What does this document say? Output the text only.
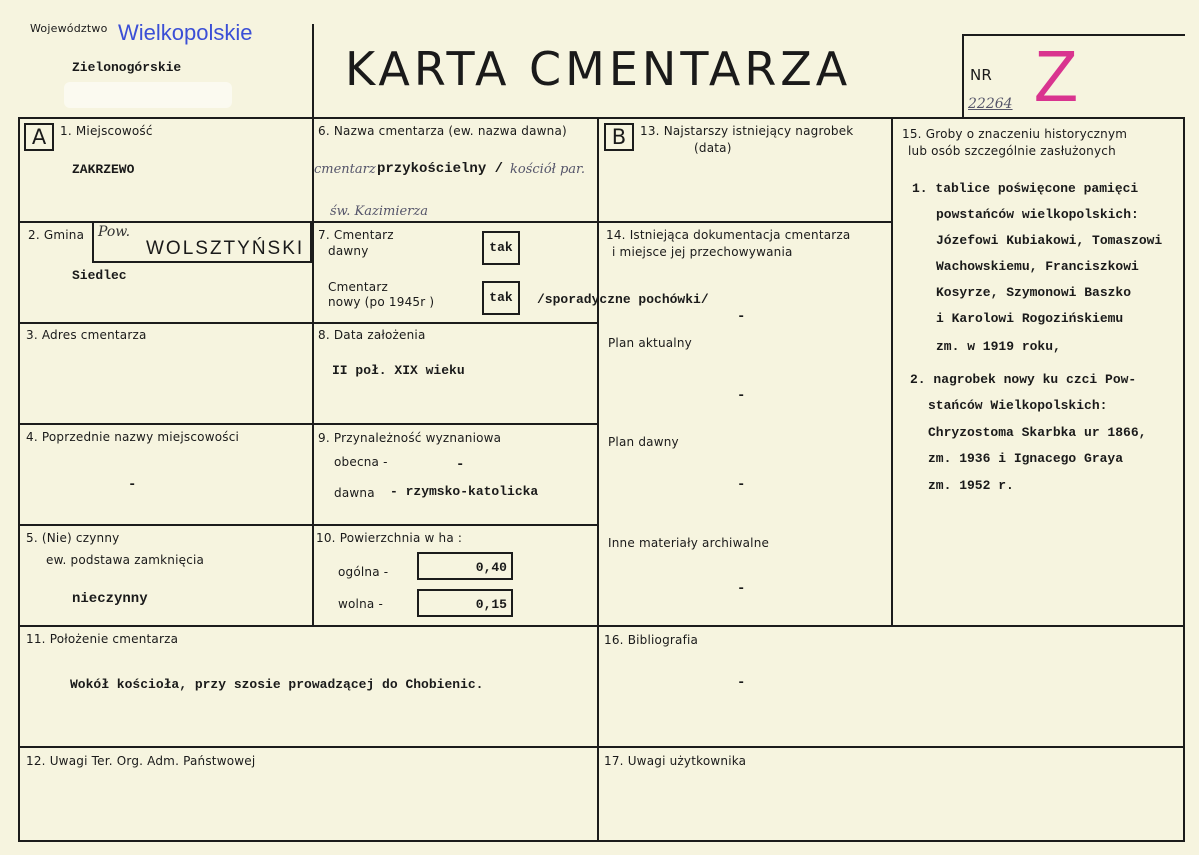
Województwo Wielkopolskie
Zielonogórskie	KARTA CMENTARZA	NR
22264 Z
A	B
1. Miejscowość
ZAKRZEWO
2. Gmina Pow.
WOLSZTYŃSKI
Siedlec
3. Adres cmentarza
4. Poprzednie nazwy miejscowości
-
5. (Nie) czynny
ew. podstawa zamknięcia
nieczynny
6. Nazwa cmentarza (ew. nazwa dawna)
cmentarz przykościelny / kościół par.
św. Kazimierza
7. Cmentarz
dawny	tak
Cmentarz
nowy (po 1945r )	tak	/sporadyczne pochówki/
8. Data założenia
II poł. XIX wieku
9. Przynależność wyznaniowa
obecna -	-
dawna - rzymsko-katolicka
10. Powierzchnia w ha :
ogólna -	0,40
wolna -	0,15
11. Położenie cmentarza
Wokół kościoła, przy szosie prowadzącej do Chobienic.
12. Uwagi Ter. Org. Adm. Państwowej
13. Najstarszy istniejący nagrobek
(data)
14. Istniejąca dokumentacja cmentarza
i miejsce jej przechowywania
-
Plan aktualny
-
Plan dawny
-
Inne materiały archiwalne
-
15. Groby o znaczeniu historycznym
lub osób szczególnie zasłużonych
1. tablice poświęcone pamięci
powstańców wielkopolskich:
Józefowi Kubiakowi, Tomaszowi
Wachowskiemu, Franciszkowi
Kosyrze, Szymonowi Baszko
i Karolowi Rogozińskiemu
zm. w 1919 roku,
2. nagrobek nowy ku czci Pow-
stańców Wielkopolskich:
Chryzostoma Skarbka ur 1866,
zm. 1936 i Ignacego Graya
zm. 1952 r.
16. Bibliografia
-
17. Uwagi użytkownika
